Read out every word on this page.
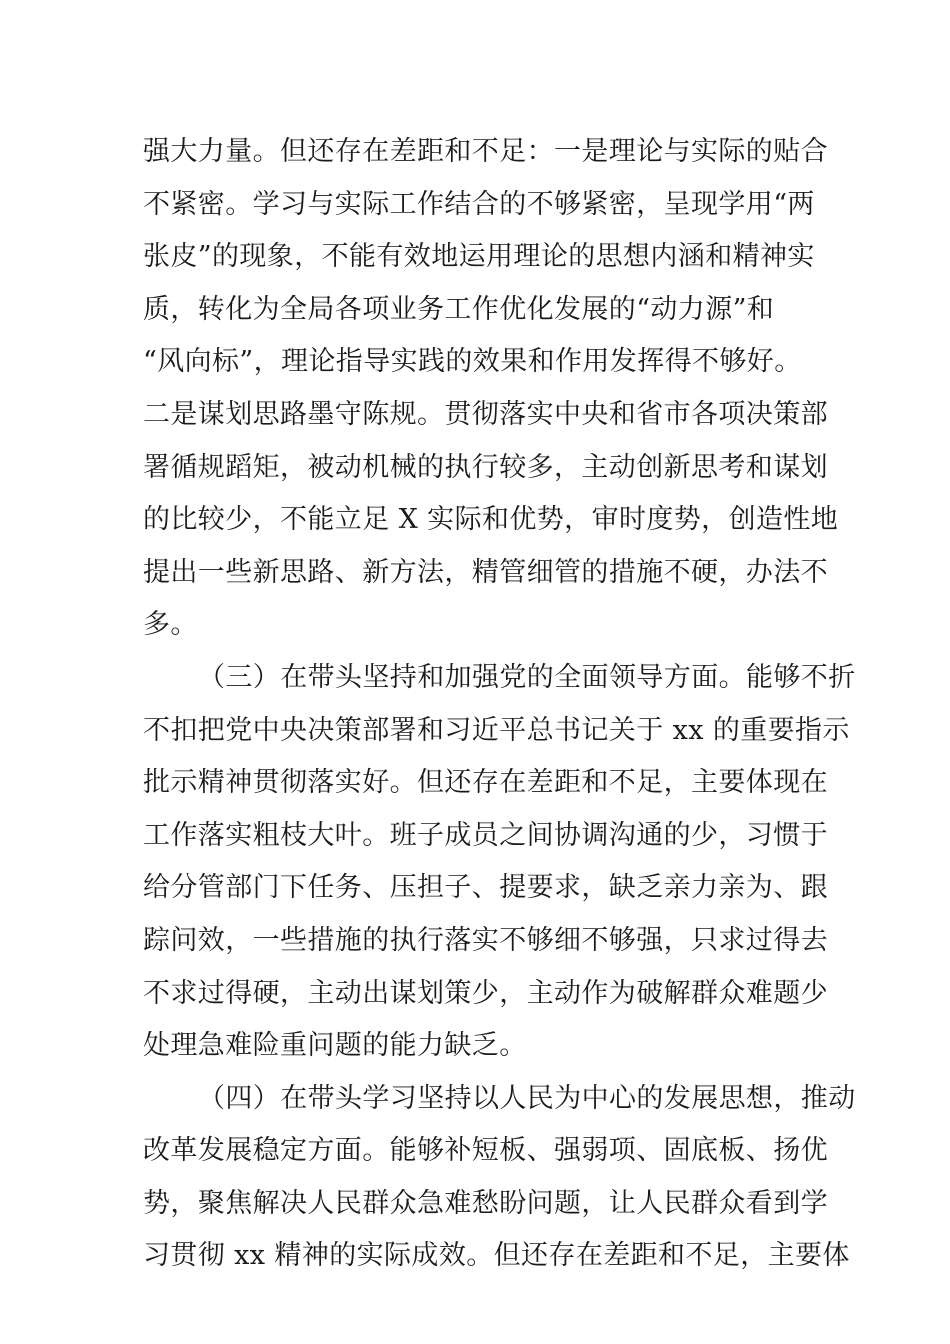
强大力量。但还存在差距和不足：一是理论与实际的贴合
不紧密。学习与实际工作结合的不够紧密，呈现学用“两
张皮”的现象，不能有效地运用理论的思想内涵和精神实
质，转化为全局各项业务工作优化发展的“动力源”和
“风向标”，理论指导实践的效果和作用发挥得不够好。
二是谋划思路墨守陈规。贯彻落实中央和省市各项决策部
署循规蹈矩，被动机械的执行较多，主动创新思考和谋划
的比较少，不能立足 X 实际和优势，审时度势，创造性地
提出一些新思路、新方法，精管细管的措施不硬，办法不
多。
（三）在带头坚持和加强党的全面领导方面。能够不折
不扣把党中央决策部署和习近平总书记关于 xx 的重要指示
批示精神贯彻落实好。但还存在差距和不足，主要体现在
工作落实粗枝大叶。班子成员之间协调沟通的少，习惯于
给分管部门下任务、压担子、提要求，缺乏亲力亲为、跟
踪问效，一些措施的执行落实不够细不够强，只求过得去
不求过得硬，主动出谋划策少，主动作为破解群众难题少
处理急难险重问题的能力缺乏。
（四）在带头学习坚持以人民为中心的发展思想，推动
改革发展稳定方面。能够补短板、强弱项、固底板、扬优
势，聚焦解决人民群众急难愁盼问题，让人民群众看到学
习贯彻 xx 精神的实际成效。但还存在差距和不足，主要体
